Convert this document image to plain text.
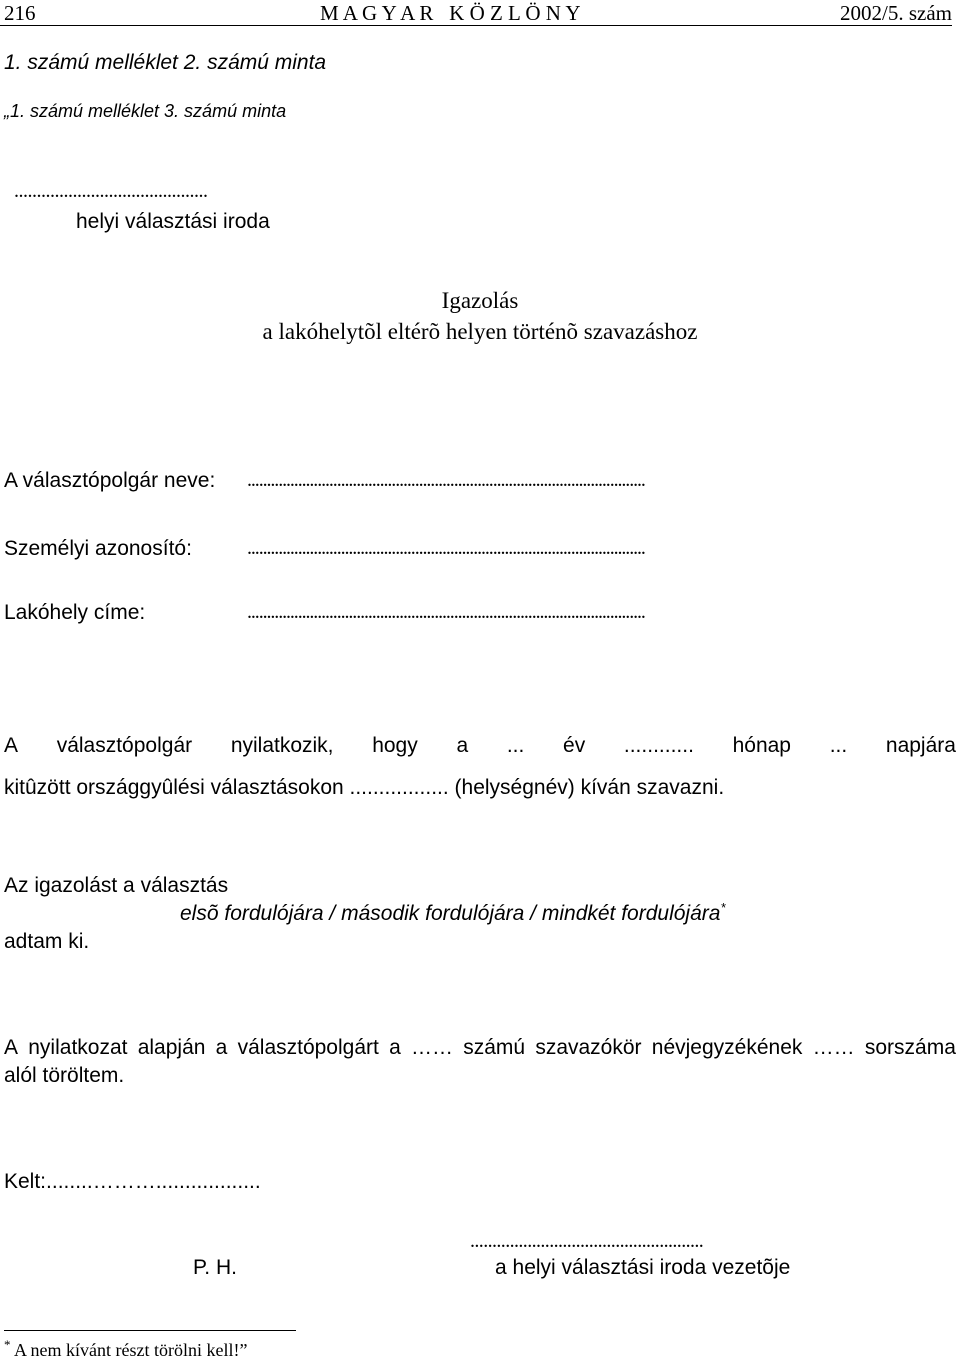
216	M A G Y A R   K Ö Z L Ö N Y	2002/5. szám
1. számú melléklet 2. számú minta
„1. számú melléklet 3. számú minta
...........................................
helyi választási iroda
Igazolás
a lakóhelytõl eltérõ helyen történõ szavazáshoz
A választópolgár neve: ......................................................................................................
Személyi azonosító:	......................................................................................................
Lakóhely címe:	......................................................................................................
A választópolgár nyilatkozik, hogy a ... év ............ hónap ... napjára
kitûzött országgyûlési választásokon ................. (helységnév) kíván szavazni.
Az igazolást a választás
elsõ fordulójára / második fordulójára / mindkét fordulójára*
adtam ki.
A nyilatkozat alapján a választópolgárt a …… számú szavazókör névjegyzékének …… sorszáma
alól töröltem.
Kelt:........………..................
.....................................................
P. H.	a helyi választási iroda vezetõje
* A nem kívánt részt törölni kell!”
